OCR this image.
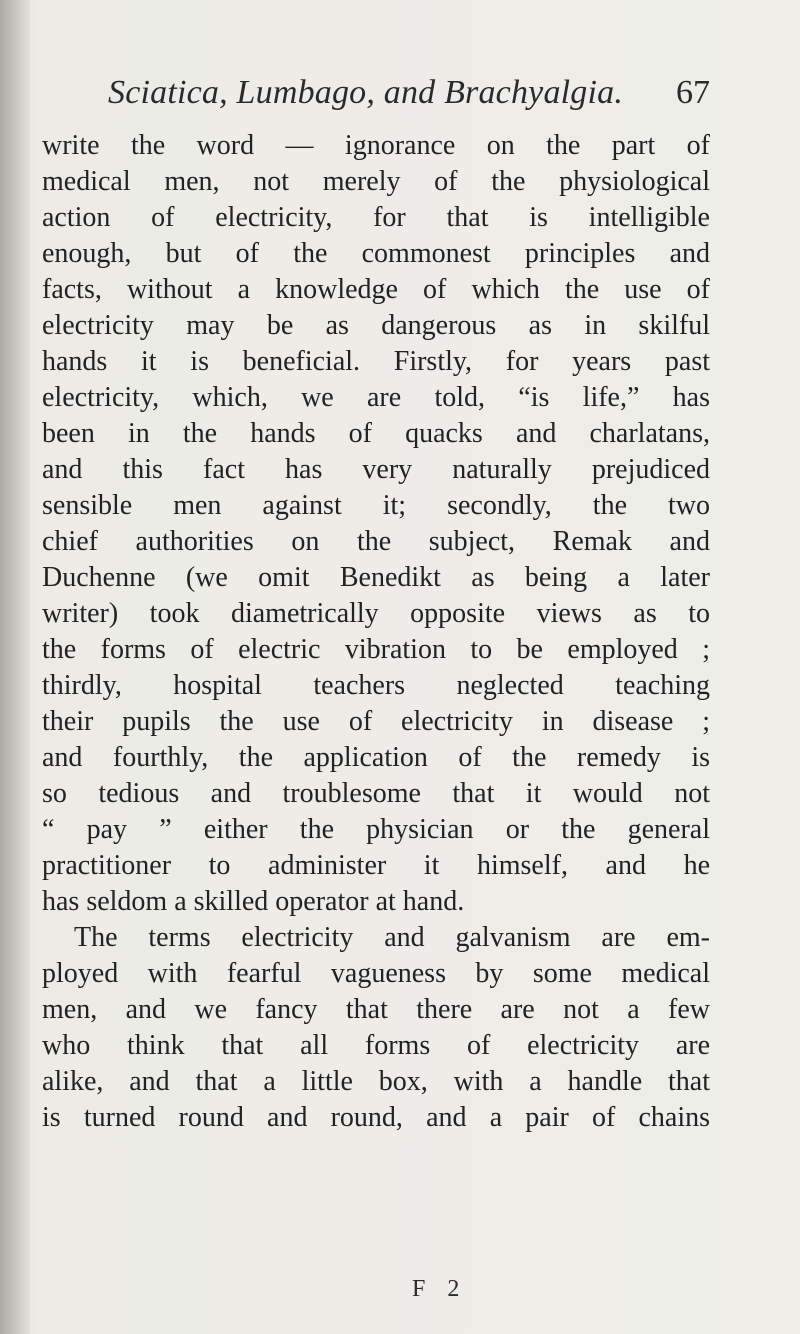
Sciatica, Lumbago, and Brachyalgia. 67
write the word — ignorance on the part of
medical men, not merely of the physiological
action of electricity, for that is intelligible
enough, but of the commonest principles and
facts, without a knowledge of which the use of
electricity may be as dangerous as in skilful
hands it is beneficial. Firstly, for years past
electricity, which, we are told, “is life,” has
been in the hands of quacks and charlatans,
and this fact has very naturally prejudiced
sensible men against it; secondly, the two
chief authorities on the subject, Remak and
Duchenne (we omit Benedikt as being a later
writer) took diametrically opposite views as to
the forms of electric vibration to be employed ;
thirdly, hospital teachers neglected teaching
their pupils the use of electricity in disease ;
and fourthly, the application of the remedy is
so tedious and troublesome that it would not
“ pay ” either the physician or the general
practitioner to administer it himself, and he
has seldom a skilled operator at hand.
The terms electricity and galvanism are em-
ployed with fearful vagueness by some medical
men, and we fancy that there are not a few
who think that all forms of electricity are
alike, and that a little box, with a handle that
is turned round and round, and a pair of chains
F 2
